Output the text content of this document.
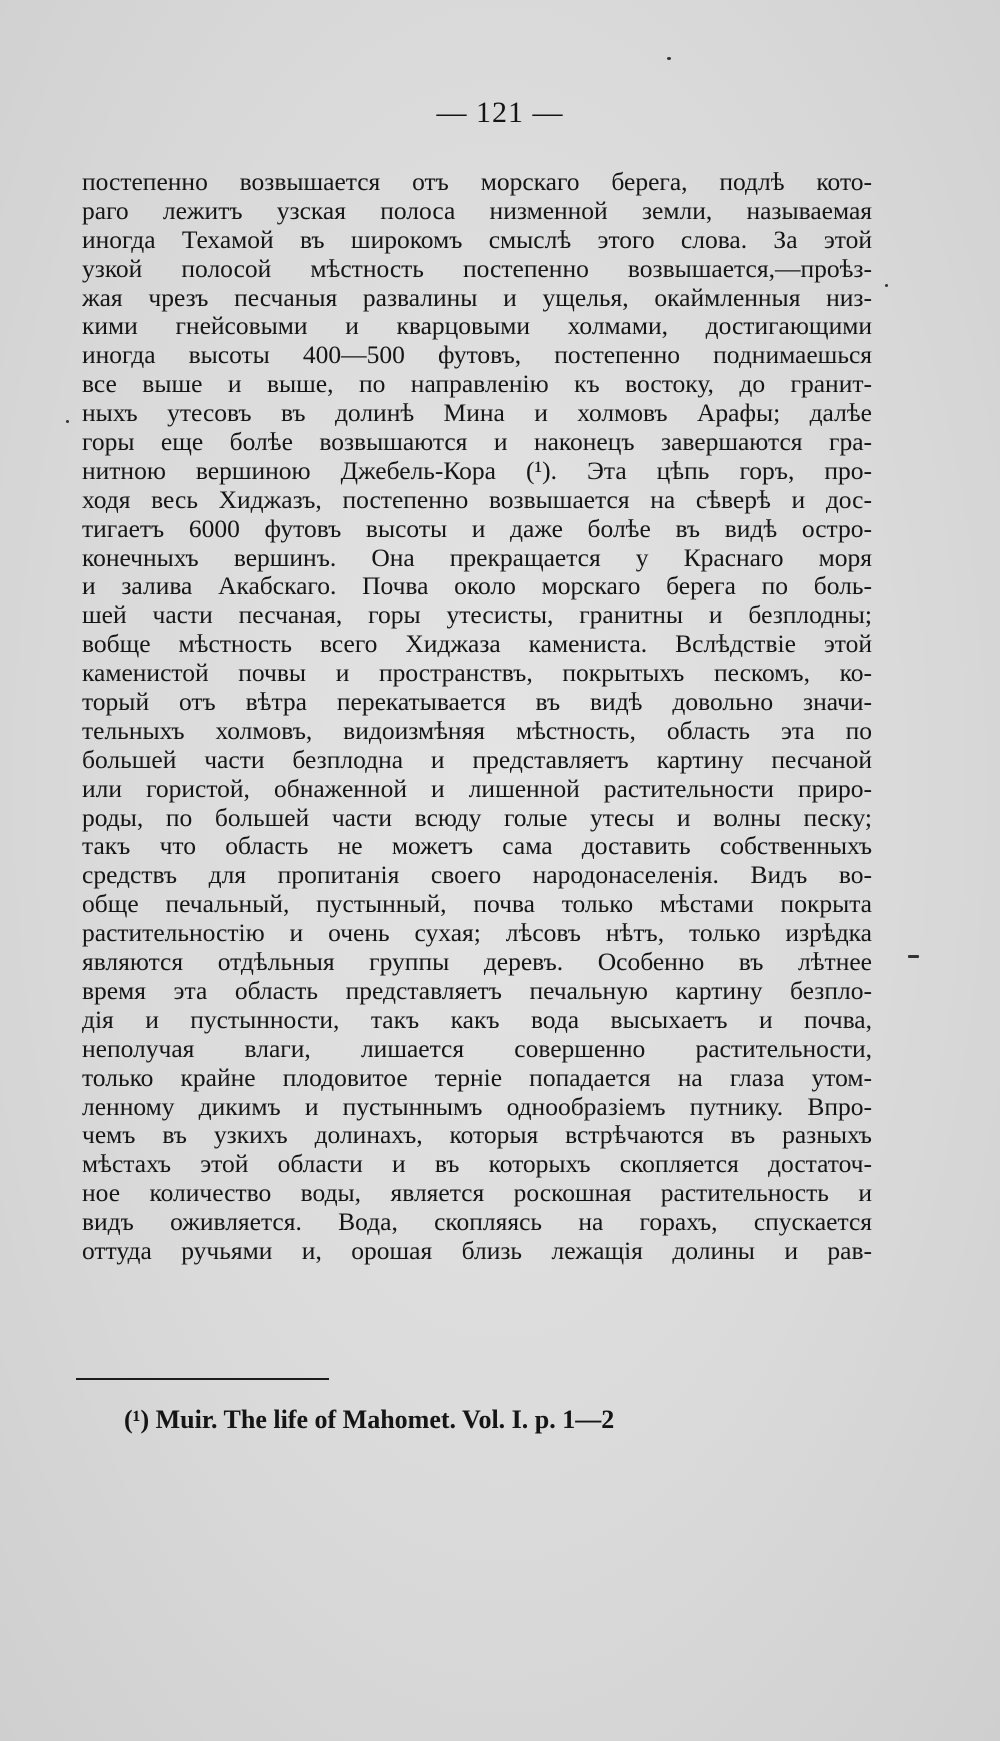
— 121 —
постепенно возвышается отъ морскаго берега, подлѣ кото-
раго лежитъ узская полоса низменной земли, называемая
иногда Техамой въ широкомъ смыслѣ этого слова. За этой
узкой полосой мѣстность постепенно возвышается,—проѣз-
жая чрезъ песчаныя развалины и ущелья, окаймленныя низ-
кими гнейсовыми и кварцовыми холмами, достигающими
иногда высоты 400—500 футовъ, постепенно поднимаешься
все выше и выше, по направленію къ востоку, до гранит-
ныхъ утесовъ въ долинѣ Мина и холмовъ Арафы; далѣе
горы еще болѣе возвышаются и наконецъ завершаются гра-
нитною вершиною Джебель-Кора (¹). Эта цѣпь горъ, про-
ходя весь Хиджазъ, постепенно возвышается на сѣверѣ и дос-
тигаетъ 6000 футовъ высоты и даже болѣе въ видѣ остро-
конечныхъ вершинъ. Она прекращается у Краснаго моря
и залива Акабскаго. Почва около морскаго берега по боль-
шей части песчаная, горы утесисты, гранитны и безплодны;
вобще мѣстность всего Хиджаза камениста. Вслѣдствіе этой
каменистой почвы и пространствъ, покрытыхъ пескомъ, ко-
торый отъ вѣтра перекатывается въ видѣ довольно значи-
тельныхъ холмовъ, видоизмѣняя мѣстность, область эта по
большей части безплодна и представляетъ картину песчаной
или гористой, обнаженной и лишенной растительности приро-
роды, по большей части всюду голые утесы и волны песку;
такъ что область не можетъ сама доставить собственныхъ
средствъ для пропитанія своего народонаселенія. Видъ во-
обще печальный, пустынный, почва только мѣстами покрыта
растительностію и очень сухая; лѣсовъ нѣтъ, только изрѣдка
являются отдѣльныя группы деревъ. Особенно въ лѣтнее
время эта область представляетъ печальную картину безпло-
дія и пустынности, такъ какъ вода высыхаетъ и почва,
неполучая влаги, лишается совершенно растительности,
только крайне плодовитое терніе попадается на глаза утом-
ленному дикимъ и пустыннымъ однообразіемъ путнику. Впро-
чемъ въ узкихъ долинахъ, которыя встрѣчаются въ разныхъ
мѣстахъ этой области и въ которыхъ скопляется достаточ-
ное количество воды, является роскошная растительность и
видъ оживляется. Вода, скопляясь на горахъ, спускается
оттуда ручьями и, орошая близь лежащія долины и рав-
(¹) Muir. The life of Mahomet. Vol. I. p. 1—2
